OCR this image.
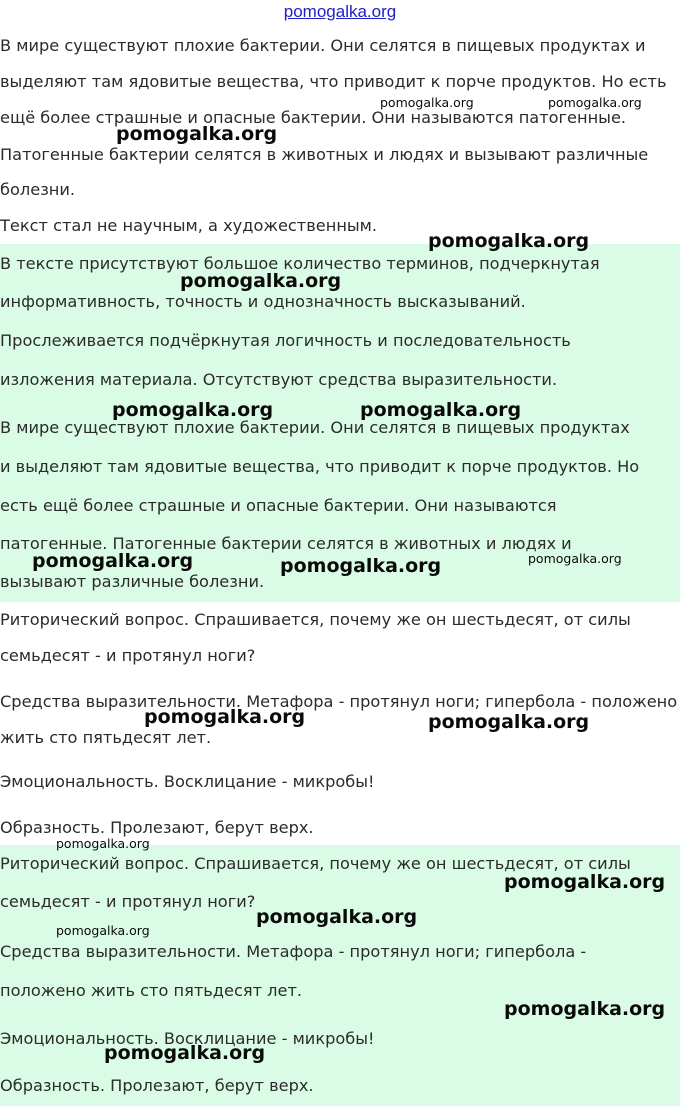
pomogalka.org

В мире существуют плохие бактерии. Они селятся в пищевых продуктах и

выделяют там ядовитые вещества, что приводит к порче продуктов. Но есть

ещё более страшные и опасные бактерии. Они называются патогенные.

Патогенные бактерии селятся в животных и людях и вызывают различные

болезни.

Текст стал не научным, а художественным.

В тексте присутствуют большое количество терминов, подчеркнутая

информативность, точность и однозначность высказываний.

Прослеживается подчёркнутая логичность и последовательность

изложения материала. Отсутствуют средства выразительности.

В мире существуют плохие бактерии. Они селятся в пищевых продуктах

и выделяют там ядовитые вещества, что приводит к порче продуктов. Но

есть ещё более страшные и опасные бактерии. Они называются

патогенные. Патогенные бактерии селятся в животных и людях и

вызывают различные болезни.

Риторический вопрос. Спрашивается, почему же он шестьдесят, от силы

семьдесят - и протянул ноги?

Средства выразительности. Метафора - протянул ноги; гипербола - положено

жить сто пятьдесят лет.

Эмоциональность. Восклицание - микробы!

Образность. Пролезают, берут верх.

Риторический вопрос. Спрашивается, почему же он шестьдесят, от силы

семьдесят - и протянул ноги?

Средства выразительности. Метафора - протянул ноги; гипербола -

положено жить сто пятьдесят лет.

Эмоциональность. Восклицание - микробы!

Образность. Пролезают, берут верх.

pomogalka.org	pomogalka.org
pomogalka.org
pomogalka.org
pomogalka.org
pomogalka.org	pomogalka.org
pomogalka.org	pomogalka.org	pomogalka.org
pomogalka.org	pomogalka.org
pomogalka.org
pomogalka.org
pomogalka.org
pomogalka.org
pomogalka.org
pomogalka.org
